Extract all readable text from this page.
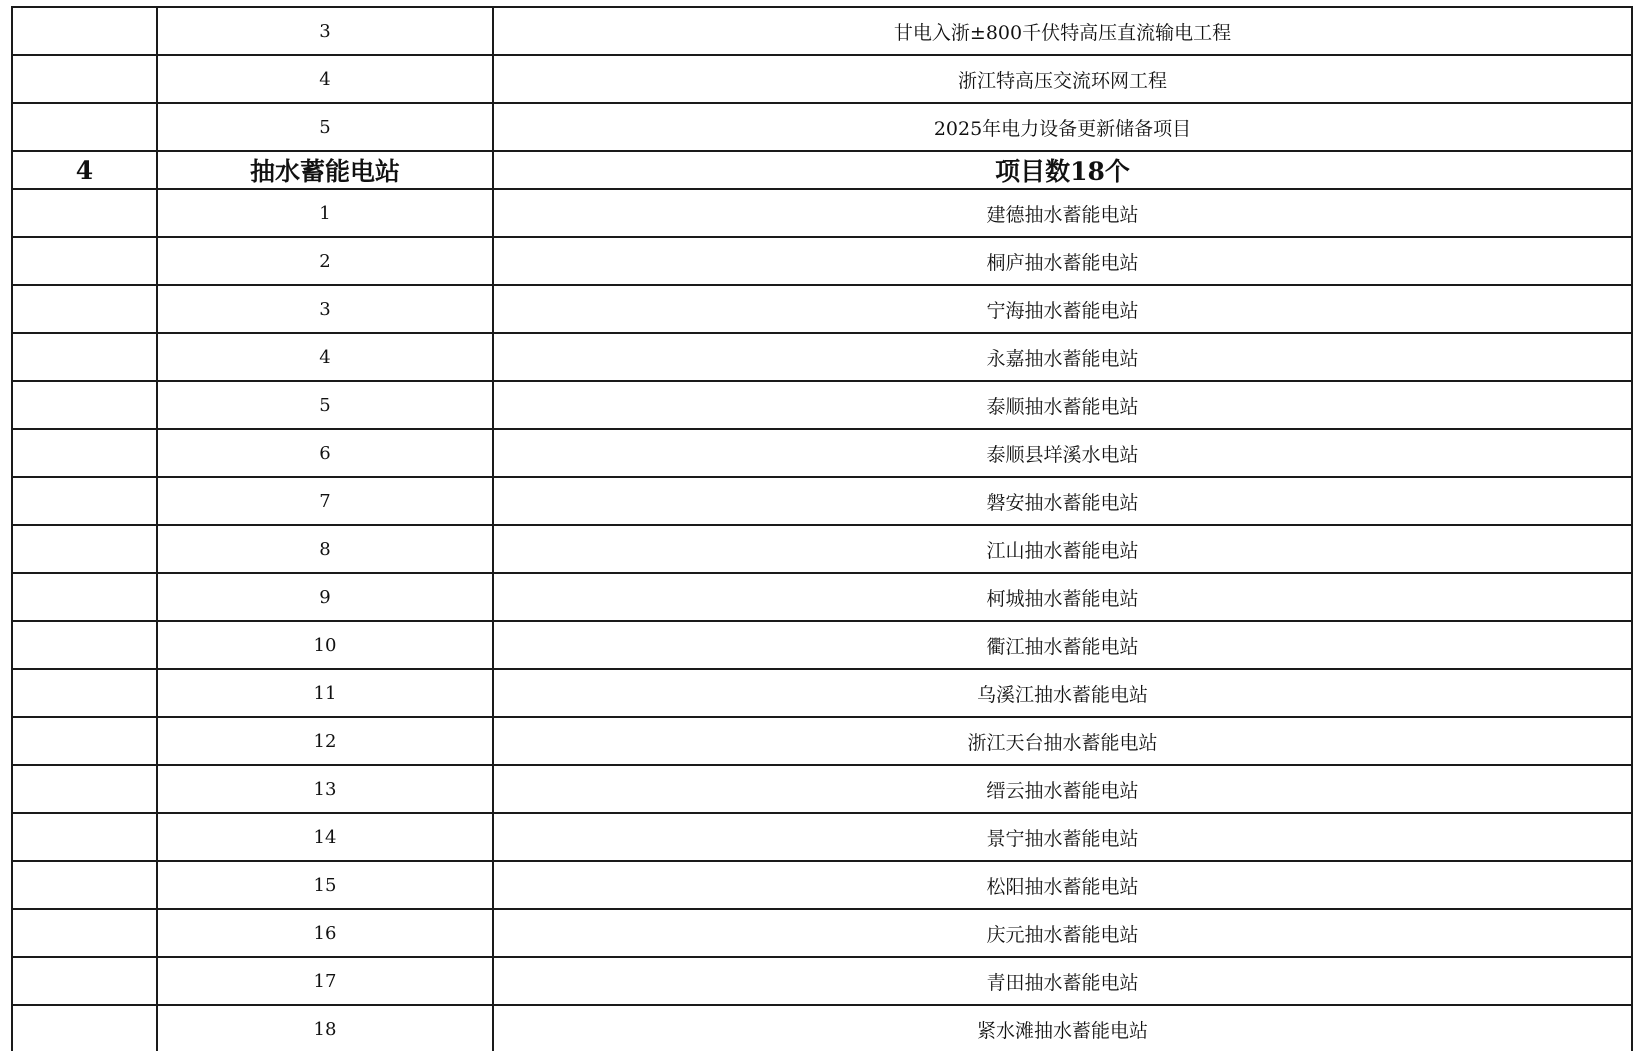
	3	甘电入浙±800千伏特高压直流输电工程
	4	浙江特高压交流环网工程
	5	2025年电力设备更新储备项目
4	抽水蓄能电站	项目数18个
	1	建德抽水蓄能电站
	2	桐庐抽水蓄能电站
	3	宁海抽水蓄能电站
	4	永嘉抽水蓄能电站
	5	泰顺抽水蓄能电站
	6	泰顺县垟溪水电站
	7	磐安抽水蓄能电站
	8	江山抽水蓄能电站
	9	柯城抽水蓄能电站
	10	衢江抽水蓄能电站
	11	乌溪江抽水蓄能电站
	12	浙江天台抽水蓄能电站
	13	缙云抽水蓄能电站
	14	景宁抽水蓄能电站
	15	松阳抽水蓄能电站
	16	庆元抽水蓄能电站
	17	青田抽水蓄能电站
	18	紧水滩抽水蓄能电站
